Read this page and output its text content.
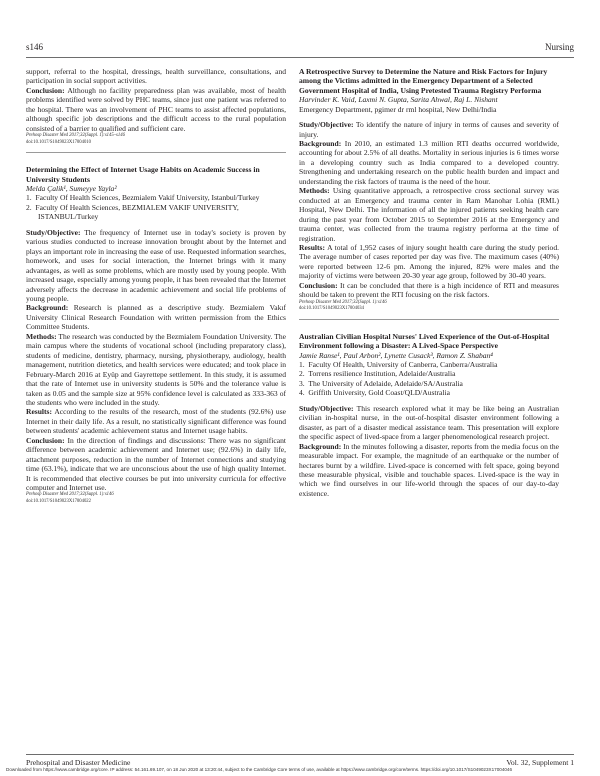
s146	Nursing

support, referral to the hospital, dressings, health surveillance, consultations, and participation in social support activities.

Conclusion: Although no facility preparedness plan was available, most of health problems identified were solved by PHC teams, since just one patient was referred to the hospital. There was an involvement of PHC teams to assist affected populations, although specific job descriptions and the difficult access to the rural population consisted of a barrier to qualified and sufficient care.

Prehosp Disaster Med 2017;32(Suppl. 1):s145–s146

doi:10.1017/S1049023X17004010

Determining the Effect of Internet Usage Habits on Academic Success in University Students

Melda Çalik¹, Sumeyye Yayla²

1.  Faculty Of Health Sciences, Bezmialem Vakif University, Istanbul/Turkey

2.  Faculty Of Health Sciences, BEZMIALEM VAKIF UNIVERSITY, ISTANBUL/Turkey

Study/Objective: The frequency of Internet use in today's society is proven by various studies conducted to increase innovation brought about by the Internet and plays an important role in increasing the ease of use. Requested information searches, homework, and uses for social interaction, the Internet brings with it many advantages, as well as some problems, which are mostly used by young people. With increased usage, especially among young people, it has been revealed that the Internet adversely affects the decrease in academic achievement and social life problems of young people.

Background: Research is planned as a descriptive study. Bezmialem Vakıf University Clinical Research Foundation with written permission from the Ethics Committee Students.

Methods: The research was conducted by the Bezmialem Foundation University. The main campus where the students of vocational school (including preparatory class), students of medicine, dentistry, pharmacy, nursing, physiotherapy, audiology, health management, nutrition dietetics, and health services were educated; and took place in February-March 2016 at Eyüp and Gayrettepe settlement. In this study, it is assumed that the rate of Internet use in university students is 50% and the tolerance value is taken as 0.05 and the sample size at 95% confidence level is calculated as 333-363 of the students who were included in the study.

Results: According to the results of the research, most of the students (92.6%) use Internet in their daily life. As a result, no statistically significant difference was found between students' academic achievement status and Internet usage habits.

Conclusion: In the direction of findings and discussions: There was no significant difference between academic achievement and Internet use; (92.6%) in daily life, attachment purposes, reduction in the number of Internet connections and studying time (63.1%), indicate that we are unconscious about the use of high quality Internet. It is recommended that elective courses be put into university curricula for effective computer and Internet use.

Prehosp Disaster Med 2017;32(Suppl. 1):s146

doi:10.1017/S1049023X17004022

A Retrospective Survey to Determine the Nature and Risk Factors for Injury among the Victims admitted in the Emergency Department of a Selected Government Hospital of India, Using Pretested Trauma Registry Performa

Harvinder K. Vaid, Laxmi N. Gupta, Sarita Ahwal, Raj L. Nishant

Emergency Department, pgimer dr rml hospital, New Delhi/India

Study/Objective: To identify the nature of injury in terms of causes and severity of injury.

Background: In 2010, an estimated 1.3 million RTI deaths occurred worldwide, accounting for about 2.5% of all deaths. Mortality in serious injuries is 6 times worse in a developing country such as India compared to a developed country. Strengthening and undertaking research on the public health burden and impact and understanding the risk factors of trauma is the need of the hour.

Methods: Using quantitative approach, a retrospective cross sectional survey was conducted at an Emergency and trauma center in Ram Manohar Lohia (RML) Hospital, New Delhi. The information of all the injured patients seeking health care during the past year from October 2015 to September 2016 at the Emergency and trauma center, was collected from the trauma registry performa at the time of registration.

Results: A total of 1,952 cases of injury sought health care during the study period. The average number of cases reported per day was five. The maximum cases (40%) were reported between 12-6 pm. Among the injured, 82% were males and the majority of victims were between 20-30 year age group, followed by 30-40 years.

Conclusion: It can be concluded that there is a high incidence of RTI and measures should be taken to prevent the RTI focusing on the risk factors.

Prehosp Disaster Med 2017;32(Suppl. 1):s146

doi:10.1017/S1049023X17004034

Australian Civilian Hospital Nurses' Lived Experience of the Out-of-Hospital Environment following a Disaster: A Lived-Space Perspective

Jamie Ranse¹, Paul Arbon², Lynette Cusack³, Ramon Z. Shaban⁴

1.  Faculty Of Health, University of Canberra, Canberra/Australia

2.  Torrens resilience Institution, Adelaide/Australia

3.  The University of Adelaide, Adelaide/SA/Australia

4.  Griffith University, Gold Coast/QLD/Australia

Study/Objective: This research explored what it may be like being an Australian civilian in-hospital nurse, in the out-of-hospital disaster environment following a disaster, as part of a disaster medical assistance team. This presentation will explore the specific aspect of lived-space from a larger phenomenological research project.

Background: In the minutes following a disaster, reports from the media focus on the measurable impact. For example, the magnitude of an earthquake or the number of hectares burnt by a wildfire. Lived-space is concerned with felt space, going beyond these measurable physical, visible and touchable spaces. Lived-space is the way in which we find ourselves in our life-world through the spaces of our day-to-day existence.

Prehospital and Disaster Medicine	Vol. 32, Supplement 1
Downloaded from https://www.cambridge.org/core. IP address: 54.161.69.107, on 18 Jun 2020 at 13:20:44, subject to the Cambridge Core terms of use, available at https://www.cambridge.org/core/terms. https://doi.org/10.1017/S1049023X17004046
